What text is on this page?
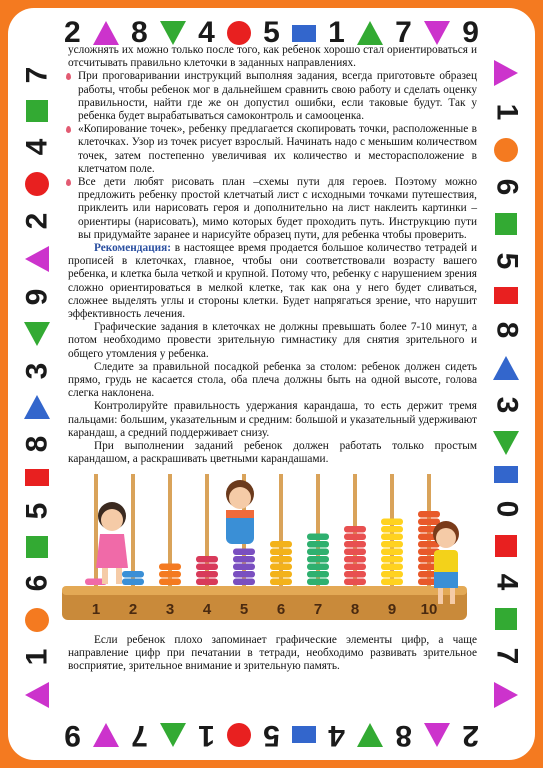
2 8 4 5 1 7 9
2
8
4
5
1
7
9
7
4
2
9
3
8
5
6
1
1
6
5
8
3
0
4
7

усложнять их можно только после того, как ребенок хорошо стал ориентироваться и отсчитывать правильно клеточки в заданных направлениях.

При проговаривании инструкций выполняя задания, всегда приготовьте образец работы, чтобы ребенок мог в дальнейшем сравнить свою работу и сделать оценку правильности, найти где же он допустил ошибки, если таковые будут. Так у ребенка будет вырабатываться самоконтроль и самооценка.

«Копирование точек», ребенку предлагается скопировать точки, расположенные в клеточках. Узор из точек рисует взрослый. Начинать надо с меньшим количеством точек, затем постепенно увеличивая их количество и месторасположение в клетчатом поле.

Все дети любят рисовать план –схемы пути для героев. Поэтому можно предложить ребенку простой клетчатый лист с исходными точками путешествия, приклеить или нарисовать героя и дополнительно на лист наклеить картинки –ориентиры (нарисовать), мимо которых будет проходить путь. Инструкцию пути вы придумайте заранее и нарисуйте образец пути, для ребенка чтобы проверить.

Рекомендация: в настоящее время продается большое количество тетрадей и прописей в клеточках, главное, чтобы они соответствовали возрасту вашего ребенка, и клетка была четкой и крупной. Потому что, ребенку с нарушением зрения сложно ориентироваться в мелкой клетке, так как она у него будет сливаться, сложнее выделять углы и стороны клетки. Будет напрягаться зрение, что нарушит эффективность лечения.

Графические задания в клеточках не должны превышать более 7-10 минут, а потом необходимо провести зрительную гимнастику для снятия зрительного и общего утомления у ребенка.

Следите за правильной посадкой ребенка за столом: ребенок должен сидеть прямо, грудь не касается стола, оба плеча должны быть на одной высоте, голова слегка наклонена.

Контролируйте правильность удержания карандаша, то есть держит тремя пальцами: большим, указательным и средним: большой и указательный удерживают карандаш, а средний поддерживает снизу.

При выполнении заданий ребенок должен работать только простым карандашом, а раскрашивать цветными карандашами.

1 2 3 4 5 6 7 8 9 10
Если ребенок плохо запоминает графические элементы цифр, а чаще направление цифр при печатании в тетради, необходимо развивать зрительное восприятие, зрительное внимание и зрительную память.
